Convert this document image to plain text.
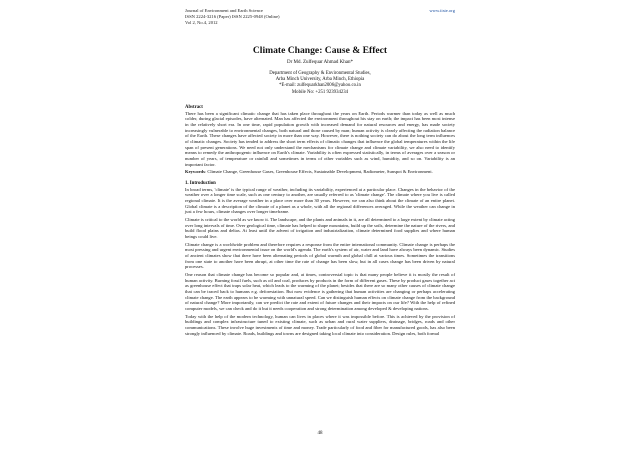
Journal of Environment and Earth Science
ISSN 2224-3216 (Paper) ISSN 2225-0948 (Online)
Vol 2, No.4, 2012
www.iiste.org
Climate Change: Cause & Effect
Dr Md. Zulfequar Ahmad Khan*
Department of Geography & Environmental Studies,
Arba Minch University, Arba Minch, Ethiopia
*E-mail: zulfequarkhan2006@yahoo.co.in
Mobile No: +251 923934234
Abstract

There has been a significant climatic change that has taken place throughout the years on Earth. Periods warmer than today as well as much colder, during glacial episodes, have alternated. Man has affected the environment throughout his stay on earth; the impact has been most intense in the relatively short era. In one time, rapid population growth with increased demand for natural resources and energy, has made society increasingly vulnerable to environmental changes, both natural and those caused by man; human activity is clearly affecting the radiation balance of the Earth. These changes have affected society in more than one way. However, there is nothing society can do about the long term influences of climatic changes. Society has tended to address the short term effects of climatic changes that influence the global temperatures within the life span of present generations. We need not only understand the mechanisms for climate change and climate variability, we also need to identify means to remedy the anthropogenic influence on Earth's climate. Variability is often expressed statistically, in terms of averages over a season or number of years, of temperature or rainfall and sometimes in terms of other variables such as wind, humidity, and so on. Variability is an important factor.

Keywords: Climate Change, Greenhouse Gases, Greenhouse Effects, Sustainable Development, Radiometer, Sunspot & Environment.

1. Introduction

In broad terms, 'climate' is the typical range of weather, including its variability, experienced at a particular place. Changes in the behavior of the weather over a longer time scale, such as one century to another, are usually referred to as 'climate change'. The climate where you live is called regional climate. It is the average weather in a place over more than 30 years. However, we can also think about the climate of an entire planet. Global climate is a description of the climate of a planet as a whole, with all the regional differences averaged. While the weather can change in just a few hours, climate changes over longer timeframe.

Climate is critical to the world as we know it. The landscape, and the plants and animals in it, are all determined to a large extent by climate acting over long intervals of time. Over geological time, climate has helped to shape mountains, build up the soils, determine the nature of the rivers, and build flood plains and deltas. At least until the advent of irrigation and industrialization, climate determined food supplies and where human beings could live.

Climate change is a worldwide problem and therefore requires a response from the entire international community. Climate change is perhaps the most pressing and urgent environmental issue on the world's agenda. The earth's system of air, water and land have always been dynamic. Studies of ancient climates show that there have been alternating periods of global warmth and global chill at various times. Sometimes the transitions from one state to another have been abrupt, at other time the rate of change has been slow, but in all cases change has been driven by natural processes.

One reason that climate change has become so popular and, at times, controversial topic is that many people believe it is mostly the result of human activity. Burning fossil fuels, such as oil and coal, produces by products in the form of different gases. These by product gases together act as greenhouse effect that traps solar heat, which leads to the warming of the planet; besides that there are so many other causes of climate change that can be traced back to humans e.g. deforestation. But now evidence is gathering that human activities are changing or perhaps accelerating climate change. The earth appears to be warming with unnatural speed. Can we distinguish human effects on climate change from the background of natural change? More importantly, can we predict the rate and extent of future changes and their impacts on our life? With the help of refined computer models, we can check and do it but it needs cooperation and strong determination among developed & developing nations.

Today with the help of the modern technology, human can lives in places where it was impossible before. This is achieved by the provision of buildings and complex infrastructure tuned to existing climate, such as urban and rural water suppliers, drainage, bridges, roads and other communications. These involve huge investments of time and money. Trade particularly of food and fiber for manufactured goods, has also been strongly influenced by climate. Roads, buildings and towns are designed taking local climate into consideration. Design rules, both formal

48
